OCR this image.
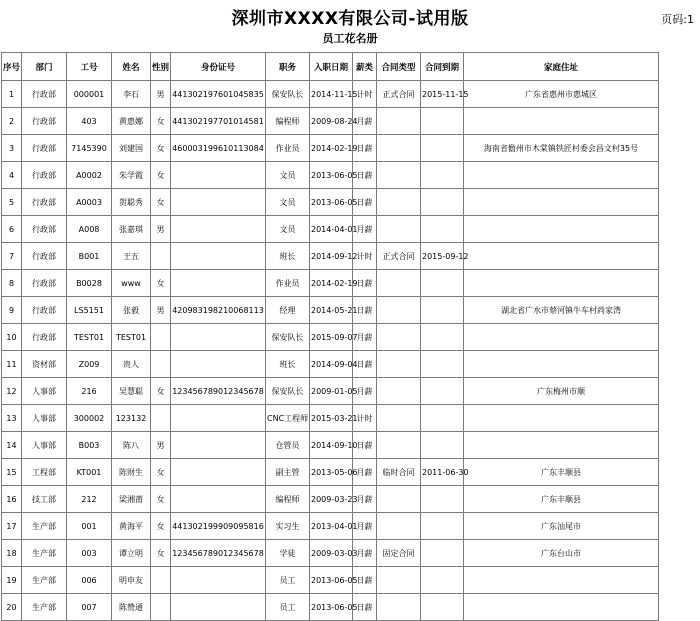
深圳市XXXX有限公司-试用版	页码:1
员工花名册
序号	部门	工号	姓名	性别	身份证号	职务	入职日期	薪类	合同类型	合同到期	家庭住址
1	行政部	000001	李石	男	441302197601045835	保安队长	2014-11-15	计时	正式合同	2015-11-15	广东省惠州市惠城区
2	行政部	403	黄惠娜	女	441302197701014581	编程师	2009-08-24	月薪			
3	行政部	7145390	刘建国	女	460003199610113084	作业员	2014-02-19	日薪			海南省儋州市木棠镇铁匠村委会昌文村35号
4	行政部	A0002	朱学霞	女		文员	2013-06-05	日薪			
5	行政部	A0003	贺聪秀	女		文员	2013-06-05	日薪			
6	行政部	A008	张嘉琪	男		文员	2014-04-01	月薪			
7	行政部	B001	王五			班长	2014-09-12	计时	正式合同	2015-09-12	
8	行政部	B0028	www	女		作业员	2014-02-19	日薪			
9	行政部	LS5151	张毅	男	420983198210068113	经理	2014-05-21	日薪			湖北省广水市蔡河镇牛车村尚家湾
10	行政部	TEST01	TEST01			保安队长	2015-09-07	月薪			
11	资材部	Z009	贵人			班长	2014-09-04	日薪			
12	人事部	216	吴慧聪	女	123456789012345678	保安队长	2009-01-05	月薪			广东梅州市顺
13	人事部	300002	123132			CNC工程师	2015-03-21	计时			
14	人事部	B003	陈八	男		仓管员	2014-09-10	日薪			
15	工程部	KT001	陈财生	女		副主管	2013-05-06	月薪	临时合同	2011-06-30	广东丰顺县
16	技工部	212	梁湘莆	女		编程师	2009-03-23	月薪			广东丰顺县
17	生产部	001	黄海平	女	441302199909095816	实习生	2013-04-01	月薪			广东汕尾市
18	生产部	003	谭立明	女	123456789012345678	学徒	2009-03-03	月薪	固定合同		广东台山市
19	生产部	006	明申友			员工	2013-06-05	日薪			
20	生产部	007	陈赞通			员工	2013-06-05	日薪			
